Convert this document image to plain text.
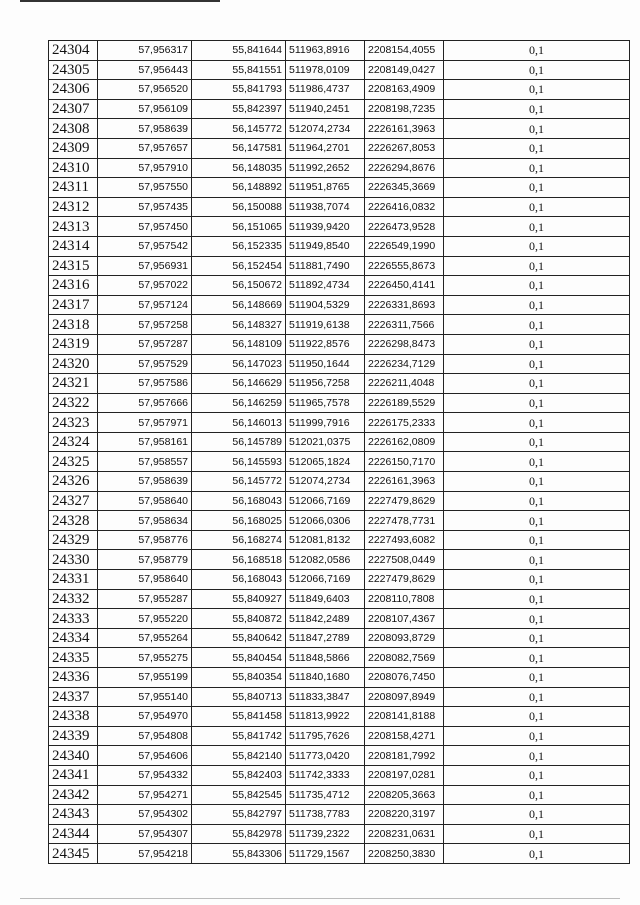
24304	57,956317	55,841644	511963,8916	2208154,4055	0,1
24305	57,956443	55,841551	511978,0109	2208149,0427	0,1
24306	57,956520	55,841793	511986,4737	2208163,4909	0,1
24307	57,956109	55,842397	511940,2451	2208198,7235	0,1
24308	57,958639	56,145772	512074,2734	2226161,3963	0,1
24309	57,957657	56,147581	511964,2701	2226267,8053	0,1
24310	57,957910	56,148035	511992,2652	2226294,8676	0,1
24311	57,957550	56,148892	511951,8765	2226345,3669	0,1
24312	57,957435	56,150088	511938,7074	2226416,0832	0,1
24313	57,957450	56,151065	511939,9420	2226473,9528	0,1
24314	57,957542	56,152335	511949,8540	2226549,1990	0,1
24315	57,956931	56,152454	511881,7490	2226555,8673	0,1
24316	57,957022	56,150672	511892,4734	2226450,4141	0,1
24317	57,957124	56,148669	511904,5329	2226331,8693	0,1
24318	57,957258	56,148327	511919,6138	2226311,7566	0,1
24319	57,957287	56,148109	511922,8576	2226298,8473	0,1
24320	57,957529	56,147023	511950,1644	2226234,7129	0,1
24321	57,957586	56,146629	511956,7258	2226211,4048	0,1
24322	57,957666	56,146259	511965,7578	2226189,5529	0,1
24323	57,957971	56,146013	511999,7916	2226175,2333	0,1
24324	57,958161	56,145789	512021,0375	2226162,0809	0,1
24325	57,958557	56,145593	512065,1824	2226150,7170	0,1
24326	57,958639	56,145772	512074,2734	2226161,3963	0,1
24327	57,958640	56,168043	512066,7169	2227479,8629	0,1
24328	57,958634	56,168025	512066,0306	2227478,7731	0,1
24329	57,958776	56,168274	512081,8132	2227493,6082	0,1
24330	57,958779	56,168518	512082,0586	2227508,0449	0,1
24331	57,958640	56,168043	512066,7169	2227479,8629	0,1
24332	57,955287	55,840927	511849,6403	2208110,7808	0,1
24333	57,955220	55,840872	511842,2489	2208107,4367	0,1
24334	57,955264	55,840642	511847,2789	2208093,8729	0,1
24335	57,955275	55,840454	511848,5866	2208082,7569	0,1
24336	57,955199	55,840354	511840,1680	2208076,7450	0,1
24337	57,955140	55,840713	511833,3847	2208097,8949	0,1
24338	57,954970	55,841458	511813,9922	2208141,8188	0,1
24339	57,954808	55,841742	511795,7626	2208158,4271	0,1
24340	57,954606	55,842140	511773,0420	2208181,7992	0,1
24341	57,954332	55,842403	511742,3333	2208197,0281	0,1
24342	57,954271	55,842545	511735,4712	2208205,3663	0,1
24343	57,954302	55,842797	511738,7783	2208220,3197	0,1
24344	57,954307	55,842978	511739,2322	2208231,0631	0,1
24345	57,954218	55,843306	511729,1567	2208250,3830	0,1
